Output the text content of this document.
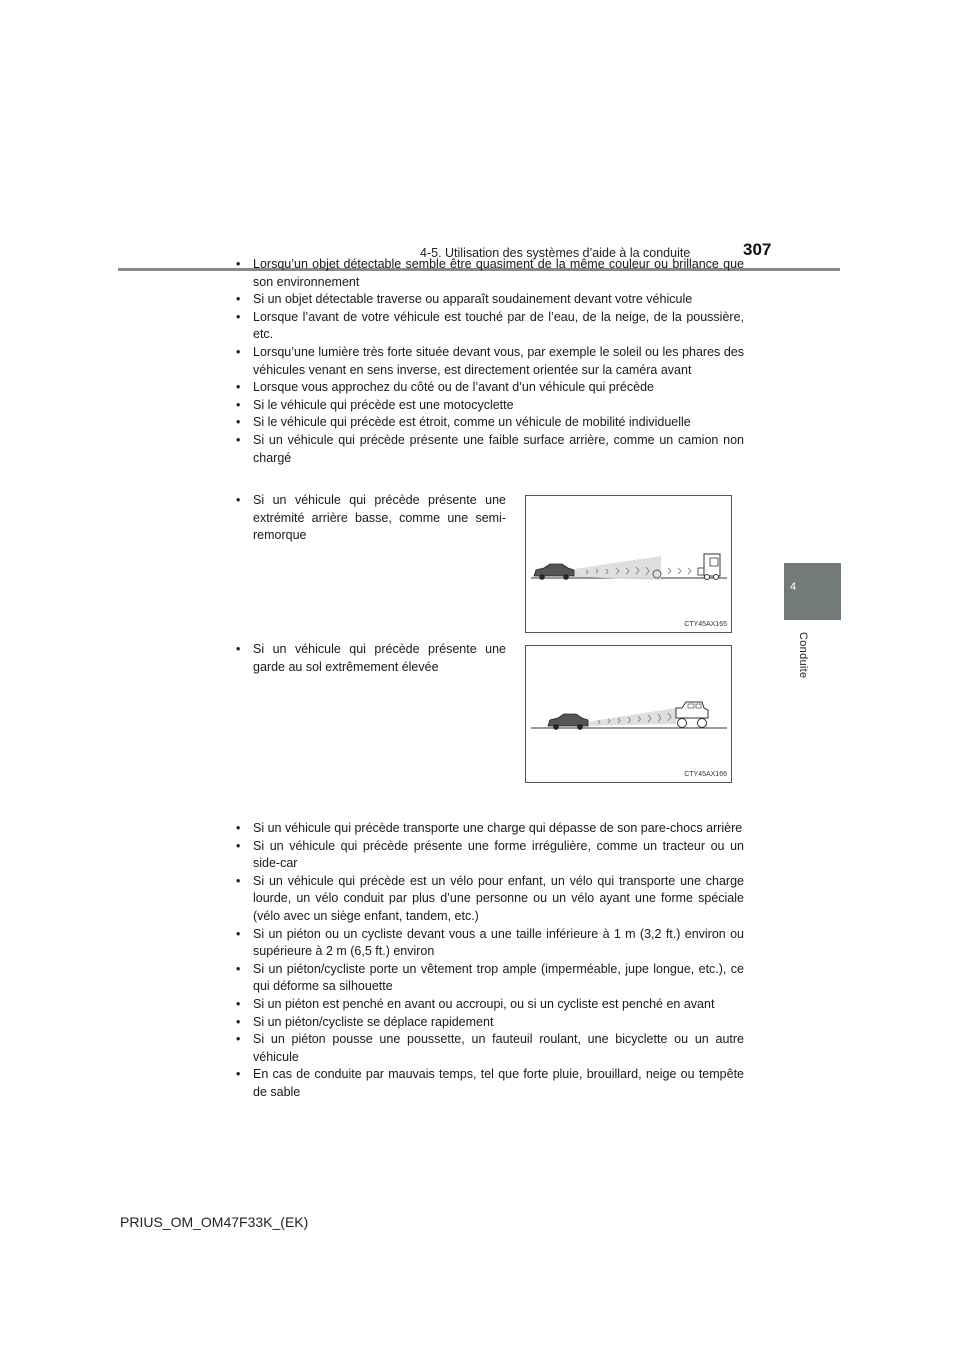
4-5. Utilisation des systèmes d’aide à la conduite	307
4
Conduite
• Lorsqu’un objet détectable semble être quasiment de la même couleur ou brillance que son environnement
• Si un objet détectable traverse ou apparaît soudainement devant votre véhicule
• Lorsque l’avant de votre véhicule est touché par de l’eau, de la neige, de la poussière, etc.
• Lorsqu’une lumière très forte située devant vous, par exemple le soleil ou les phares des véhicules venant en sens inverse, est directement orientée sur la caméra avant
• Lorsque vous approchez du côté ou de l’avant d’un véhicule qui précède
• Si le véhicule qui précède est une motocyclette
• Si le véhicule qui précède est étroit, comme un véhicule de mobilité individuelle
• Si un véhicule qui précède présente une faible surface arrière, comme un camion non chargé
• Si un véhicule qui précède présente une extrémité arrière basse, comme une semi-remorque
CTY45AX165
• Si un véhicule qui précède présente une garde au sol extrêmement élevée
CTY45AX166
• Si un véhicule qui précède transporte une charge qui dépasse de son pare-chocs arrière
• Si un véhicule qui précède présente une forme irrégulière, comme un tracteur ou un side-car
• Si un véhicule qui précède est un vélo pour enfant, un vélo qui transporte une charge lourde, un vélo conduit par plus d’une personne ou un vélo ayant une forme spéciale (vélo avec un siège enfant, tandem, etc.)
• Si un piéton ou un cycliste devant vous a une taille inférieure à 1 m (3,2 ft.) environ ou supérieure à 2 m (6,5 ft.) environ
• Si un piéton/cycliste porte un vêtement trop ample (imperméable, jupe longue, etc.), ce qui déforme sa silhouette
• Si un piéton est penché en avant ou accroupi, ou si un cycliste est penché en avant
• Si un piéton/cycliste se déplace rapidement
• Si un piéton pousse une poussette, un fauteuil roulant, une bicyclette ou un autre véhicule
• En cas de conduite par mauvais temps, tel que forte pluie, brouillard, neige ou tempête de sable
PRIUS_OM_OM47F33K_(EK)
